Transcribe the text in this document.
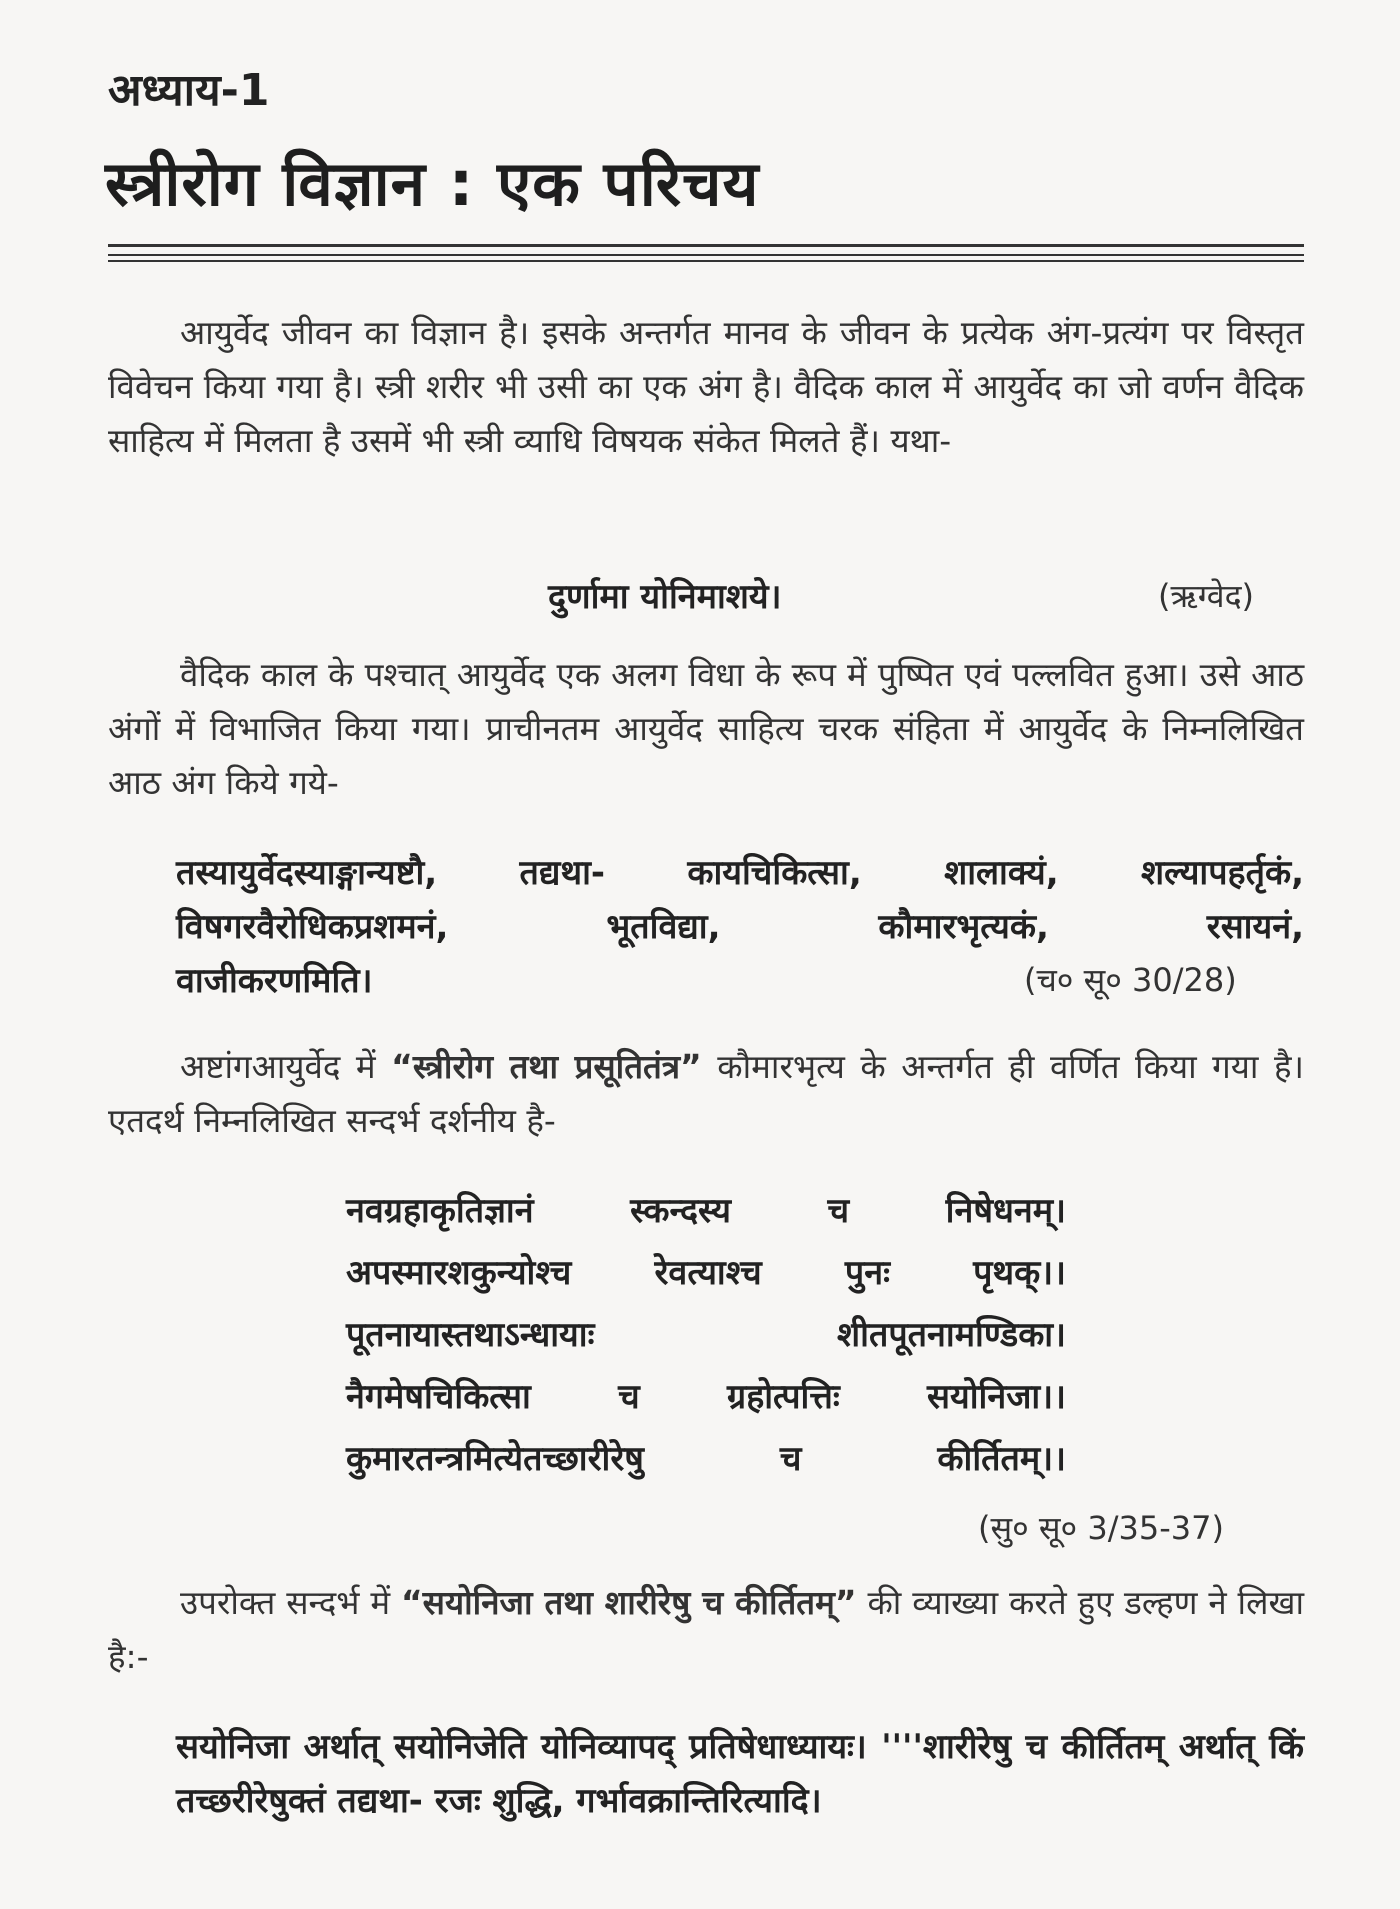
अध्याय-1
स्त्रीरोग विज्ञान : एक परिचय
आयुर्वेद जीवन का विज्ञान है। इसके अन्तर्गत मानव के जीवन के प्रत्येक अंग-प्रत्यंग पर विस्तृत विवेचन किया गया है। स्त्री शरीर भी उसी का एक अंग है। वैदिक काल में आयुर्वेद का जो वर्णन वैदिक साहित्य में मिलता है उसमें भी स्त्री व्याधि विषयक संकेत मिलते हैं। यथा-
दुर्णामा योनिमाशये।	(ऋग्वेद)
वैदिक काल के पश्चात् आयुर्वेद एक अलग विधा के रूप में पुष्पित एवं पल्लवित हुआ। उसे आठ अंगों में विभाजित किया गया। प्राचीनतम आयुर्वेद साहित्य चरक संहिता में आयुर्वेद के निम्नलिखित आठ अंग किये गये-
तस्यायुर्वेदस्याङ्गान्यष्टौ, तद्यथा- कायचिकित्सा, शालाक्यं, शल्यापहर्तृकं,
विषगरवैरोधिकप्रशमनं, भूतविद्या, कौमारभृत्यकं, रसायनं,
वाजीकरणमिति।	(च० सू० 30/28)
अष्टांगआयुर्वेद में “स्त्रीरोग तथा प्रसूतितंत्र” कौमारभृत्य के अन्तर्गत ही वर्णित किया गया है। एतदर्थ निम्नलिखित सन्दर्भ दर्शनीय है-
नवग्रहाकृतिज्ञानं स्कन्दस्य च निषेधनम्।
अपस्मारशकुन्योश्च रेवत्याश्च पुनः पृथक्।।
पूतनायास्तथाऽन्धायाः शीतपूतनामण्डिका।
नैगमेषचिकित्सा च ग्रहोत्पत्तिः सयोनिजा।।
कुमारतन्त्रमित्येतच्छारीरेषु च कीर्तितम्।।
(सु० सू० 3/35-37)
उपरोक्त सन्दर्भ में “सयोनिजा तथा शारीरेषु च कीर्तितम्” की व्याख्या करते हुए डल्हण ने लिखा है:-
सयोनिजा अर्थात् सयोनिजेति योनिव्यापद् प्रतिषेधाध्यायः। ''''शारीरेषु च कीर्तितम् अर्थात् किं तच्छरीरेषुक्तं तद्यथा- रजः शुद्धि, गर्भावक्रान्तिरित्यादि।
